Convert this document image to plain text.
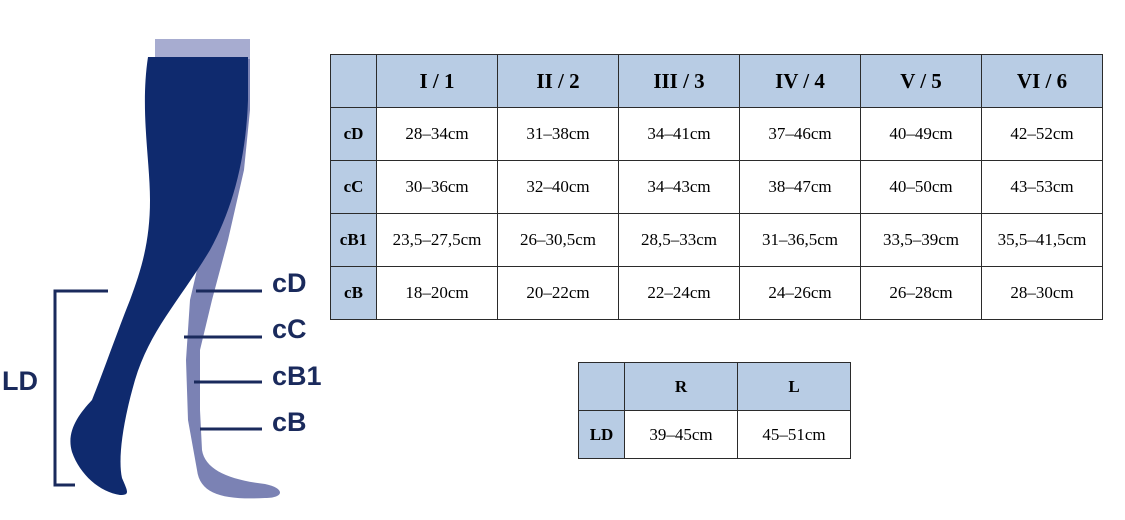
LD
cD
cC
cB1
cB
	I / 1	II / 2	III / 3	IV / 4	V / 5	VI / 6
cD	28–34cm	31–38cm	34–41cm	37–46cm	40–49cm	42–52cm
cC	30–36cm	32–40cm	34–43cm	38–47cm	40–50cm	43–53cm
cB1	23,5–27,5cm	26–30,5cm	28,5–33cm	31–36,5cm	33,5–39cm	35,5–41,5cm
cB	18–20cm	20–22cm	22–24cm	24–26cm	26–28cm	28–30cm
	R	L
LD	39–45cm	45–51cm
